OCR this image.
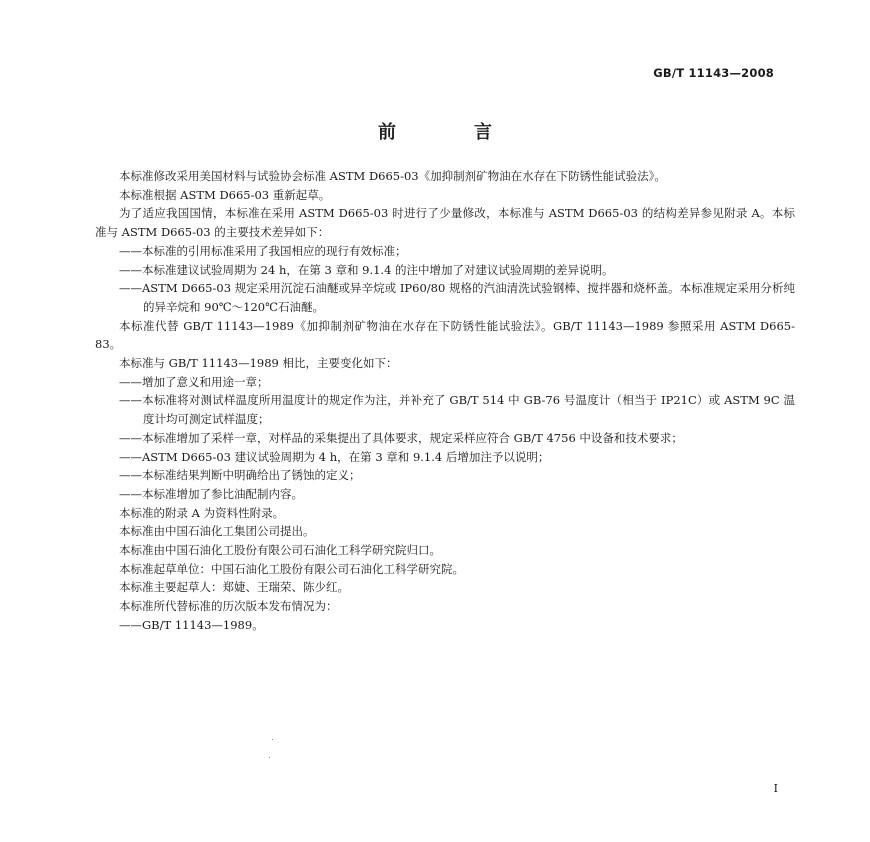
GB/T 11143—2008
前　言

本标准修改采用美国材料与试验协会标准 ASTM D665-03《加抑制剂矿物油在水存在下防锈性能试验法》。

本标准根据 ASTM D665-03 重新起草。

为了适应我国国情，本标准在采用 ASTM D665-03 时进行了少量修改，本标准与 ASTM D665-03 的结构差异参见附录 A。本标准与 ASTM D665-03 的主要技术差异如下：

——本标准的引用标准采用了我国相应的现行有效标准；

——本标准建议试验周期为 24 h，在第 3 章和 9.1.4 的注中增加了对建议试验周期的差异说明。

——ASTM D665-03 规定采用沉淀石油醚或异辛烷或 IP60/80 规格的汽油清洗试验钢棒、搅拌器和烧杯盖。本标准规定采用分析纯的异辛烷和 90℃～120℃石油醚。

本标准代替 GB/T 11143—1989《加抑制剂矿物油在水存在下防锈性能试验法》。GB/T 11143—1989 参照采用 ASTM D665-83。

本标准与 GB/T 11143—1989 相比，主要变化如下：

——增加了意义和用途一章；

——本标准将对测试样温度所用温度计的规定作为注，并补充了 GB/T 514 中 GB-76 号温度计（相当于 IP21C）或 ASTM 9C 温度计均可测定试样温度；

——本标准增加了采样一章，对样品的采集提出了具体要求，规定采样应符合 GB/T 4756 中设备和技术要求；

——ASTM D665-03 建议试验周期为 4 h，在第 3 章和 9.1.4 后增加注予以说明；

——本标准结果判断中明确给出了锈蚀的定义；

——本标准增加了参比油配制内容。

本标准的附录 A 为资料性附录。

本标准由中国石油化工集团公司提出。

本标准由中国石油化工股份有限公司石油化工科学研究院归口。

本标准起草单位：中国石油化工股份有限公司石油化工科学研究院。

本标准主要起草人：郑婕、王瑞荣、陈少红。

本标准所代替标准的历次版本发布情况为：

——GB/T 11143—1989。

I
